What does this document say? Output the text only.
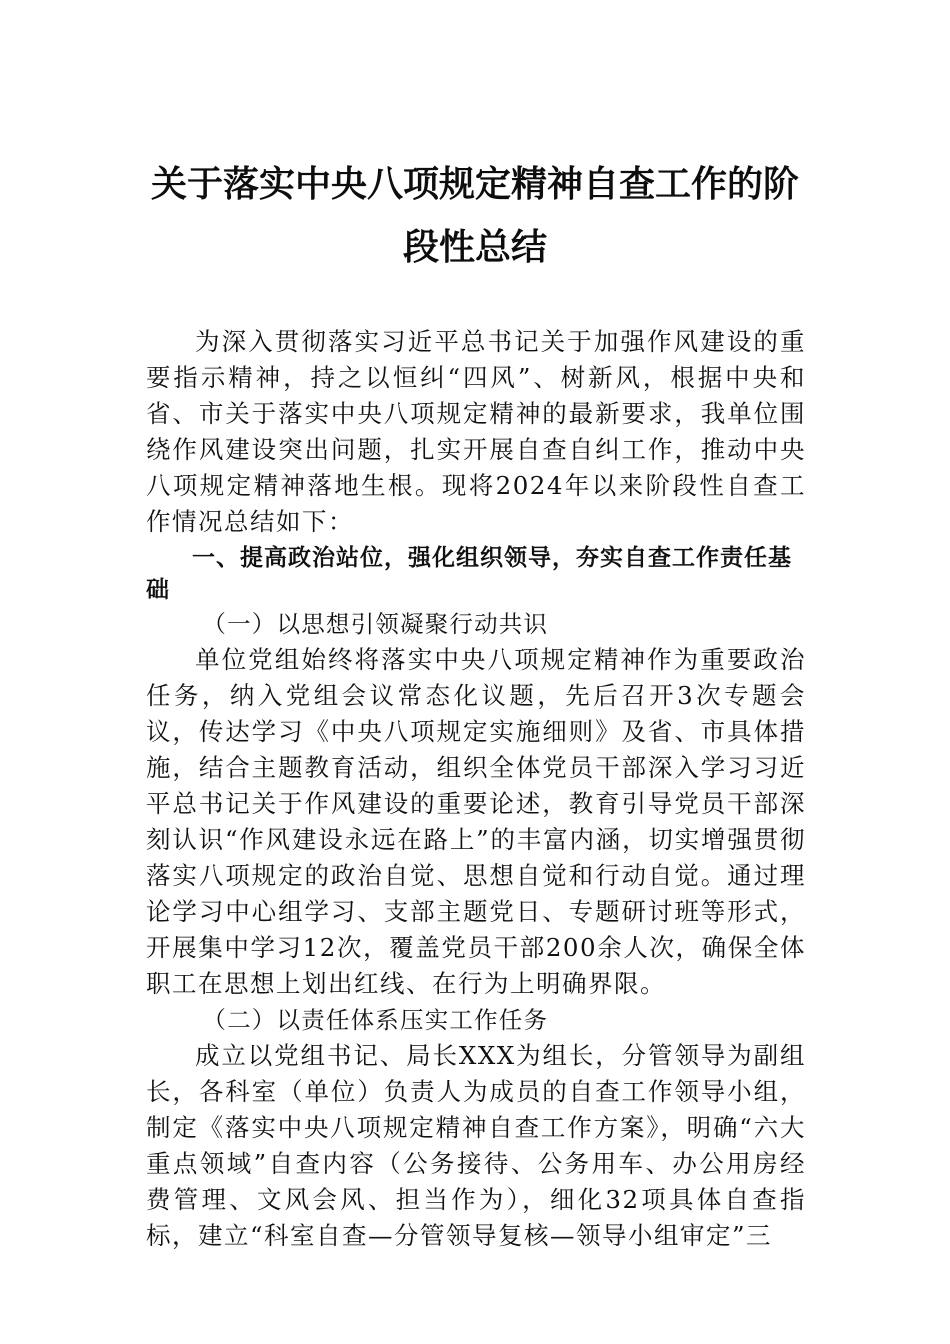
关于落实中央八项规定精神自查工作的阶
段性总结

为深入贯彻落实习近平总书记关于加强作风建设的重要指示精神，持之以恒纠“四风”、树新风，根据中央和省、市关于落实中央八项规定精神的最新要求，我单位围绕作风建设突出问题，扎实开展自查自纠工作，推动中央八项规定精神落地生根。现将2024年以来阶段性自查工作情况总结如下：

一、提高政治站位，强化组织领导，夯实自查工作责任基础

（一）以思想引领凝聚行动共识

单位党组始终将落实中央八项规定精神作为重要政治任务，纳入党组会议常态化议题，先后召开3次专题会议，传达学习《中央八项规定实施细则》及省、市具体措施，结合主题教育活动，组织全体党员干部深入学习习近平总书记关于作风建设的重要论述，教育引导党员干部深刻认识“作风建设永远在路上”的丰富内涵，切实增强贯彻落实八项规定的政治自觉、思想自觉和行动自觉。通过理论学习中心组学习、支部主题党日、专题研讨班等形式，开展集中学习12次，覆盖党员干部200余人次，确保全体职工在思想上划出红线、在行为上明确界限。

（二）以责任体系压实工作任务

成立以党组书记、局长XXX为组长，分管领导为副组长，各科室（单位）负责人为成员的自查工作领导小组，制定《落实中央八项规定精神自查工作方案》，明确“六大重点领域”自查内容（公务接待、公务用车、办公用房经费管理、文风会风、担当作为），细化32项具体自查指标，建立“科室自查—分管领导复核—领导小组审定”三
